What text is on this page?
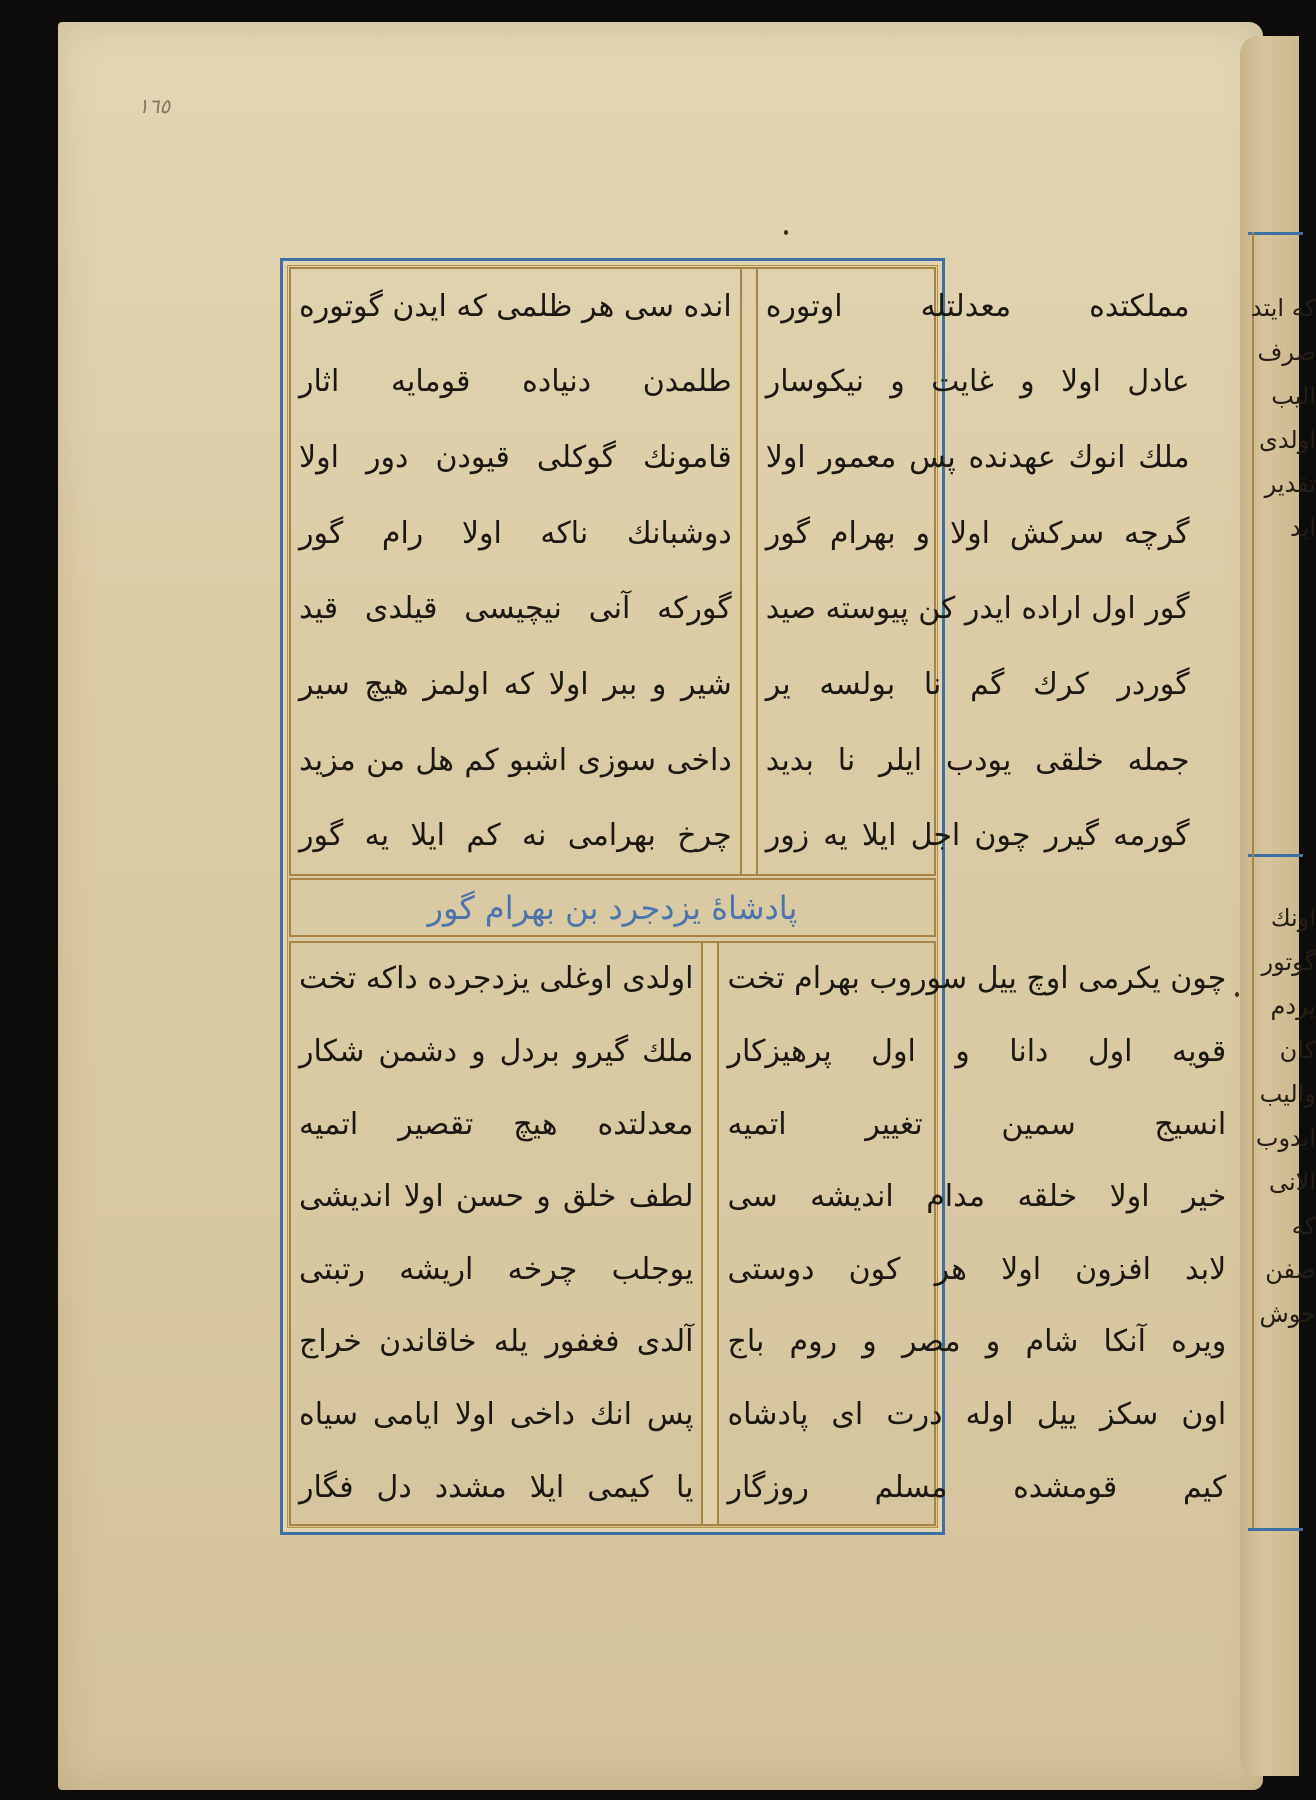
١٦٥
انده سی هر ظلمی كه ایدن گوتوره
طلمدن دنیاده قومایه اثار
قامونك گوكلی قیودن دور اولا
دوشبانك ناكه اولا رام گور
گوركه آنی نیچیسی قیلدی قید
شیر و ببر اولا كه اولمز هیچ سیر
داخی سوزی اشبو كم هل من مزید
چرخ بهرامی نه كم ایلا یه گور
مملكتده معدلتله اوتوره
عادل اولا و غایت و نیكوسار
ملك انوك عهدنده پس معمور اولا
گرچه سركش اولا و بهرام گور
گور اول اراده ایدر كن پیوسته صید
گوردر كرك گم نا بولسه یر
جمله خلقی یودب ایلر نا بدید
گورمه گیرر چون اجل ایلا یه زور
پادشاهٔ یزدجرد بن بهرام گور
اولدی اوغلی یزدجرده داكه تخت
ملك گیرو بردل و دشمن شكار
معدلتده هیچ تقصیر اتمیه
لطف خلق و حسن اولا اندیشی
یوجلب چرخه اریشه رتبتی
آلدی فغفور یله خاقاندن خراج
پس انك داخی اولا ایامی سیاه
یا كیمی ایلا مشدد دل فگار
چون یكرمی اوچ ییل سوروب بهرام تخت
قویه اول دانا و اول پرهیزكار
انسیج سمین تغییر اتمیه
خیر اولا خلقه مدام اندیشه سی
لابد افزون اولا هر كون دوستی
ویره آنكا شام و مصر و روم باج
اون سكز ییل اوله درت ای پادشاه
كیم قومشده مسلم روزگار
كه ایتد
صرف
الیب
اولدی
تقدیر
اید
اونك
گوتور
یردم
كان
والیب
ایدوب
الانی
كه
صفن
حوش
